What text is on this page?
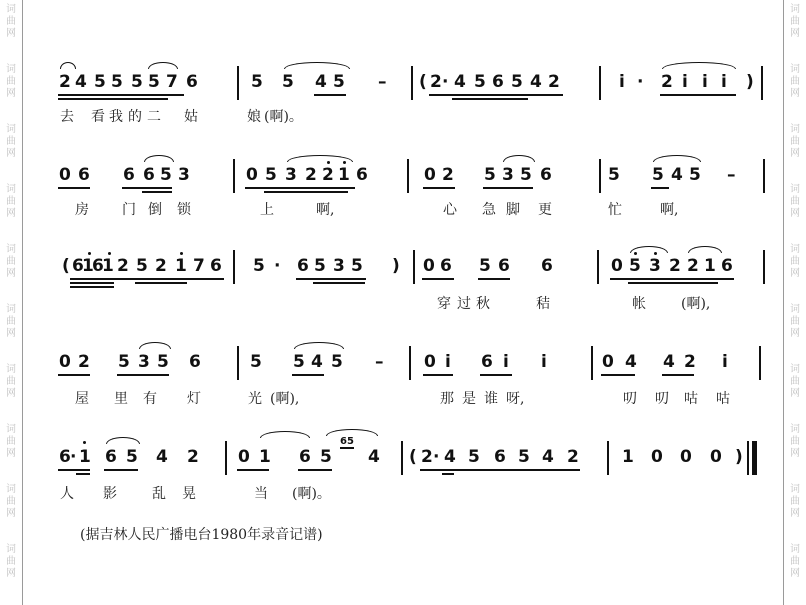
词
曲
网
词
曲
网
词
曲
网
词
曲
网
词
曲
网
词
曲
网
词
曲
网
词
曲
网
词
曲
网
词
曲
网
词
曲
网
词
曲
网
词
曲
网
词
曲
网
词
曲
网
词
曲
网
词
曲
网
词
曲
网
词
曲
网
词
曲
网
2 4 5 5 5 5 7 6	5 5 4 5 – ( 2 · 4 5 6 5 4 2	i · 2 i i i )
去 看 我 的 二 姑	娘 (啊)。
0 6 6 6 5 3	0 5 3 2 2 1 6	0 2 5 3 5 6	5 5 4 5 –
房 门 倒 锁	上	啊,	心 急 脚 更	忙	啊,
( 6
1
6
1 2 5 2 1 7 6 5 · 6 5 3 5 ) 0 6 5 6 6	0 5 3 2 2 1 6
穿 过 秋	秸	帐	(啊),
0 2 5 3 5 6	5 5 4 5 – 0 i 6 i i	0 4 4 2 i
屋 里 有 灯	光 (啊),	那 是 谁 呀,	叨 叨 咕 咕
6 · 1 6 5 4 2 0 1 6 5
65
4 ( 2 · 4 5 6 5 4 2	1 0 0 0 )
人 影	乱 晃	当 (啊)。
(据吉林人民广播电台1980年录音记谱)
